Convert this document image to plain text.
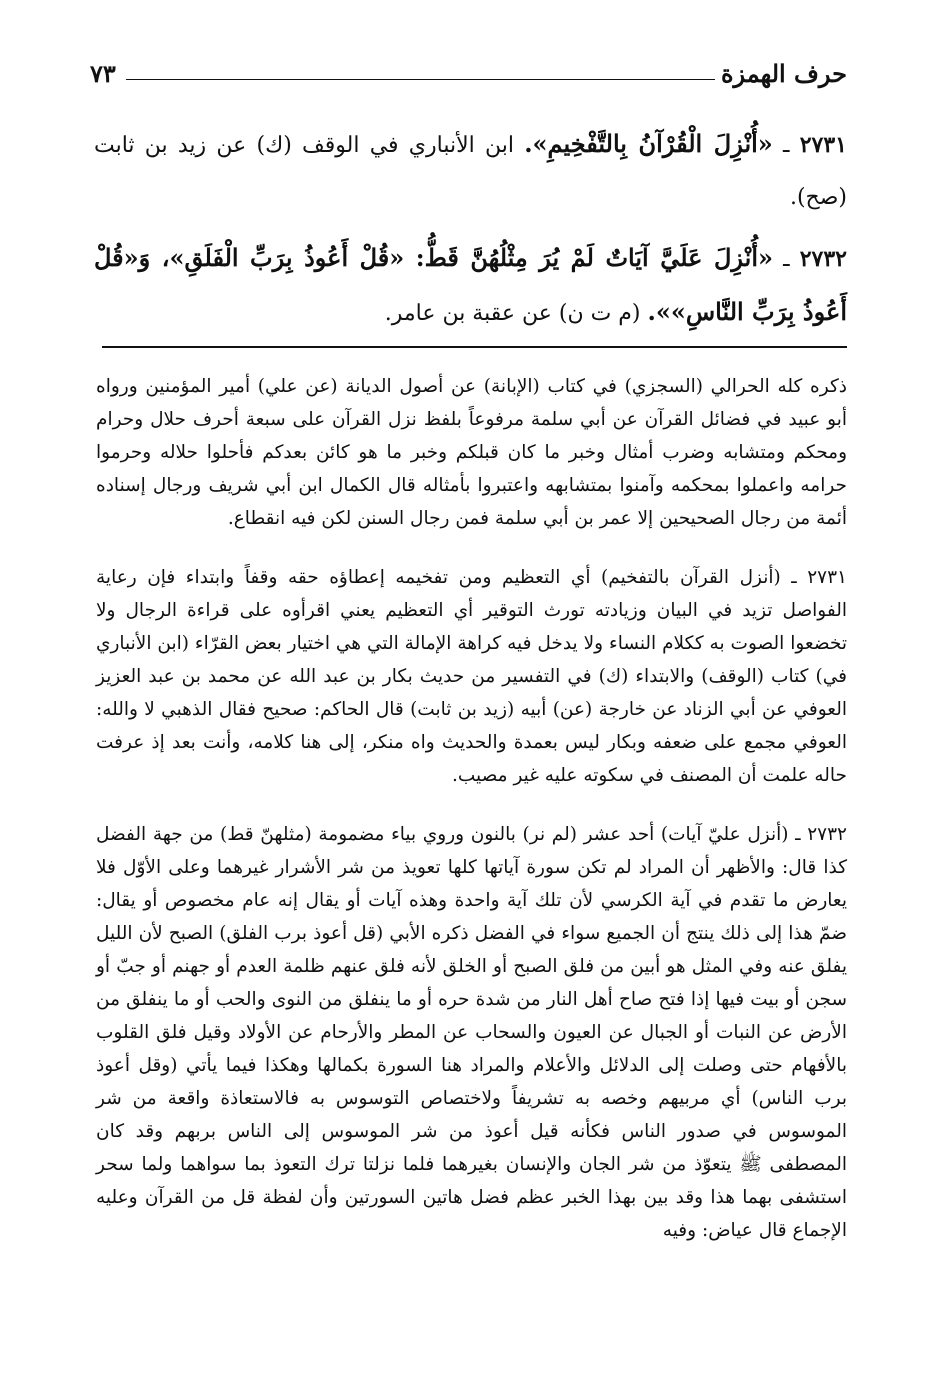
حرف الهمزة
٧٣
٢٧٣١ ـ «أُنْزِلَ الْقُرْآنُ بِالتَّفْخِيمِ». ابن الأنباري في الوقف (ك) عن زيد بن ثابت (صح).
٢٧٣٢ ـ «أُنْزِلَ عَلَيَّ آيَاتٌ لَمْ يُرَ مِثْلُهُنَّ قَطُّ: «قُلْ أَعُوذُ بِرَبِّ الْفَلَقِ»، وَ«قُلْ أَعُوذُ بِرَبِّ النَّاسِ»». (م ت ن) عن عقبة بن عامر.

ذكره كله الحرالي (السجزي) في كتاب (الإبانة) عن أصول الديانة (عن علي) أمير المؤمنين ورواه أبو عبيد في فضائل القرآن عن أبي سلمة مرفوعاً بلفظ نزل القرآن على سبعة أحرف حلال وحرام ومحكم ومتشابه وضرب أمثال وخبر ما كان قبلكم وخبر ما هو كائن بعدكم فأحلوا حلاله وحرموا حرامه واعملوا بمحكمه وآمنوا بمتشابهه واعتبروا بأمثاله قال الكمال ابن أبي شريف ورجال إسناده أئمة من رجال الصحيحين إلا عمر بن أبي سلمة فمن رجال السنن لكن فيه انقطاع.

٢٧٣١ ـ (أنزل القرآن بالتفخيم) أي التعظيم ومن تفخيمه إعطاؤه حقه وقفاً وابتداء فإن رعاية الفواصل تزيد في البيان وزيادته تورث التوقير أي التعظيم يعني اقرأوه على قراءة الرجال ولا تخضعوا الصوت به ككلام النساء ولا يدخل فيه كراهة الإمالة التي هي اختيار بعض القرّاء (ابن الأنباري في) كتاب (الوقف) والابتداء (ك) في التفسير من حديث بكار بن عبد الله عن محمد بن عبد العزيز العوفي عن أبي الزناد عن خارجة (عن) أبيه (زيد بن ثابت) قال الحاكم: صحيح فقال الذهبي لا والله: العوفي مجمع على ضعفه وبكار ليس بعمدة والحديث واه منكر، إلى هنا كلامه، وأنت بعد إذ عرفت حاله علمت أن المصنف في سكوته عليه غير مصيب.

٢٧٣٢ ـ (أنزل عليّ آيات) أحد عشر (لم نر) بالنون وروي بياء مضمومة (مثلهنّ قط) من جهة الفضل كذا قال: والأظهر أن المراد لم تكن سورة آياتها كلها تعويذ من شر الأشرار غيرهما وعلى الأوّل فلا يعارض ما تقدم في آية الكرسي لأن تلك آية واحدة وهذه آيات أو يقال إنه عام مخصوص أو يقال: ضمّ هذا إلى ذلك ينتج أن الجميع سواء في الفضل ذكره الأبي (قل أعوذ برب الفلق) الصبح لأن الليل يفلق عنه وفي المثل هو أبين من فلق الصبح أو الخلق لأنه فلق عنهم ظلمة العدم أو جهنم أو جبّ أو سجن أو بيت فيها إذا فتح صاح أهل النار من شدة حره أو ما ينفلق من النوى والحب أو ما ينفلق من الأرض عن النبات أو الجبال عن العيون والسحاب عن المطر والأرحام عن الأولاد وقيل فلق القلوب بالأفهام حتى وصلت إلى الدلائل والأعلام والمراد هنا السورة بكمالها وهكذا فيما يأتي (وقل أعوذ برب الناس) أي مربيهم وخصه به تشريفاً ولاختصاص التوسوس به فالاستعاذة واقعة من شر الموسوس في صدور الناس فكأنه قيل أعوذ من شر الموسوس إلى الناس بربهم وقد كان المصطفى ﷺ يتعوّذ من شر الجان والإنسان بغيرهما فلما نزلتا ترك التعوذ بما سواهما ولما سحر استشفى بهما هذا وقد بين بهذا الخبر عظم فضل هاتين السورتين وأن لفظة قل من القرآن وعليه الإجماع قال عياض: وفيه
